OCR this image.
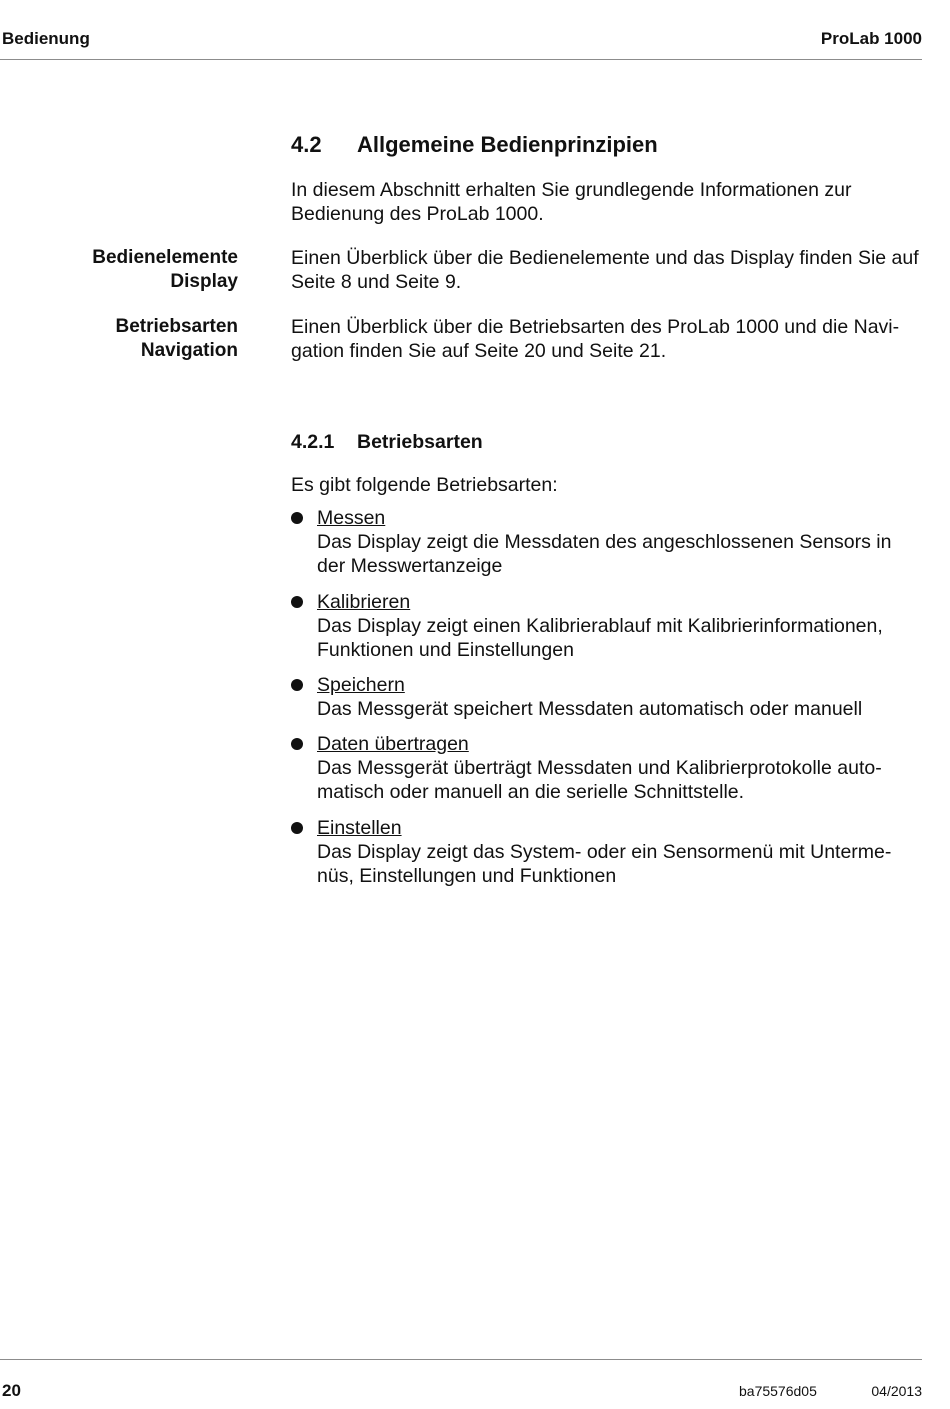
Bedienung	ProLab 1000
4.2 Allgemeine Bedienprinzipien
In diesem Abschnitt erhalten Sie grundlegende Informationen zur Bedienung des ProLab 1000.
Bedienelemente
Display
Einen Überblick über die Bedienelemente und das Display finden Sie auf Seite 8 und Seite 9.
Betriebsarten
Navigation
Einen Überblick über die Betriebsarten des ProLab 1000 und die Navi-
gation finden Sie auf Seite 20 und Seite 21.
4.2.1 Betriebsarten
Es gibt folgende Betriebsarten:
Messen
Das Display zeigt die Messdaten des angeschlossenen Sensors in der Messwertanzeige
Kalibrieren
Das Display zeigt einen Kalibrierablauf mit Kalibrierinformationen, Funktionen und Einstellungen
Speichern
Das Messgerät speichert Messdaten automatisch oder manuell
Daten übertragen
Das Messgerät überträgt Messdaten und Kalibrierprotokolle auto-
matisch oder manuell an die serielle Schnittstelle.
Einstellen
Das Display zeigt das System- oder ein Sensormenü mit Unterme-
nüs, Einstellungen und Funktionen
20	ba75576d05	04/2013
